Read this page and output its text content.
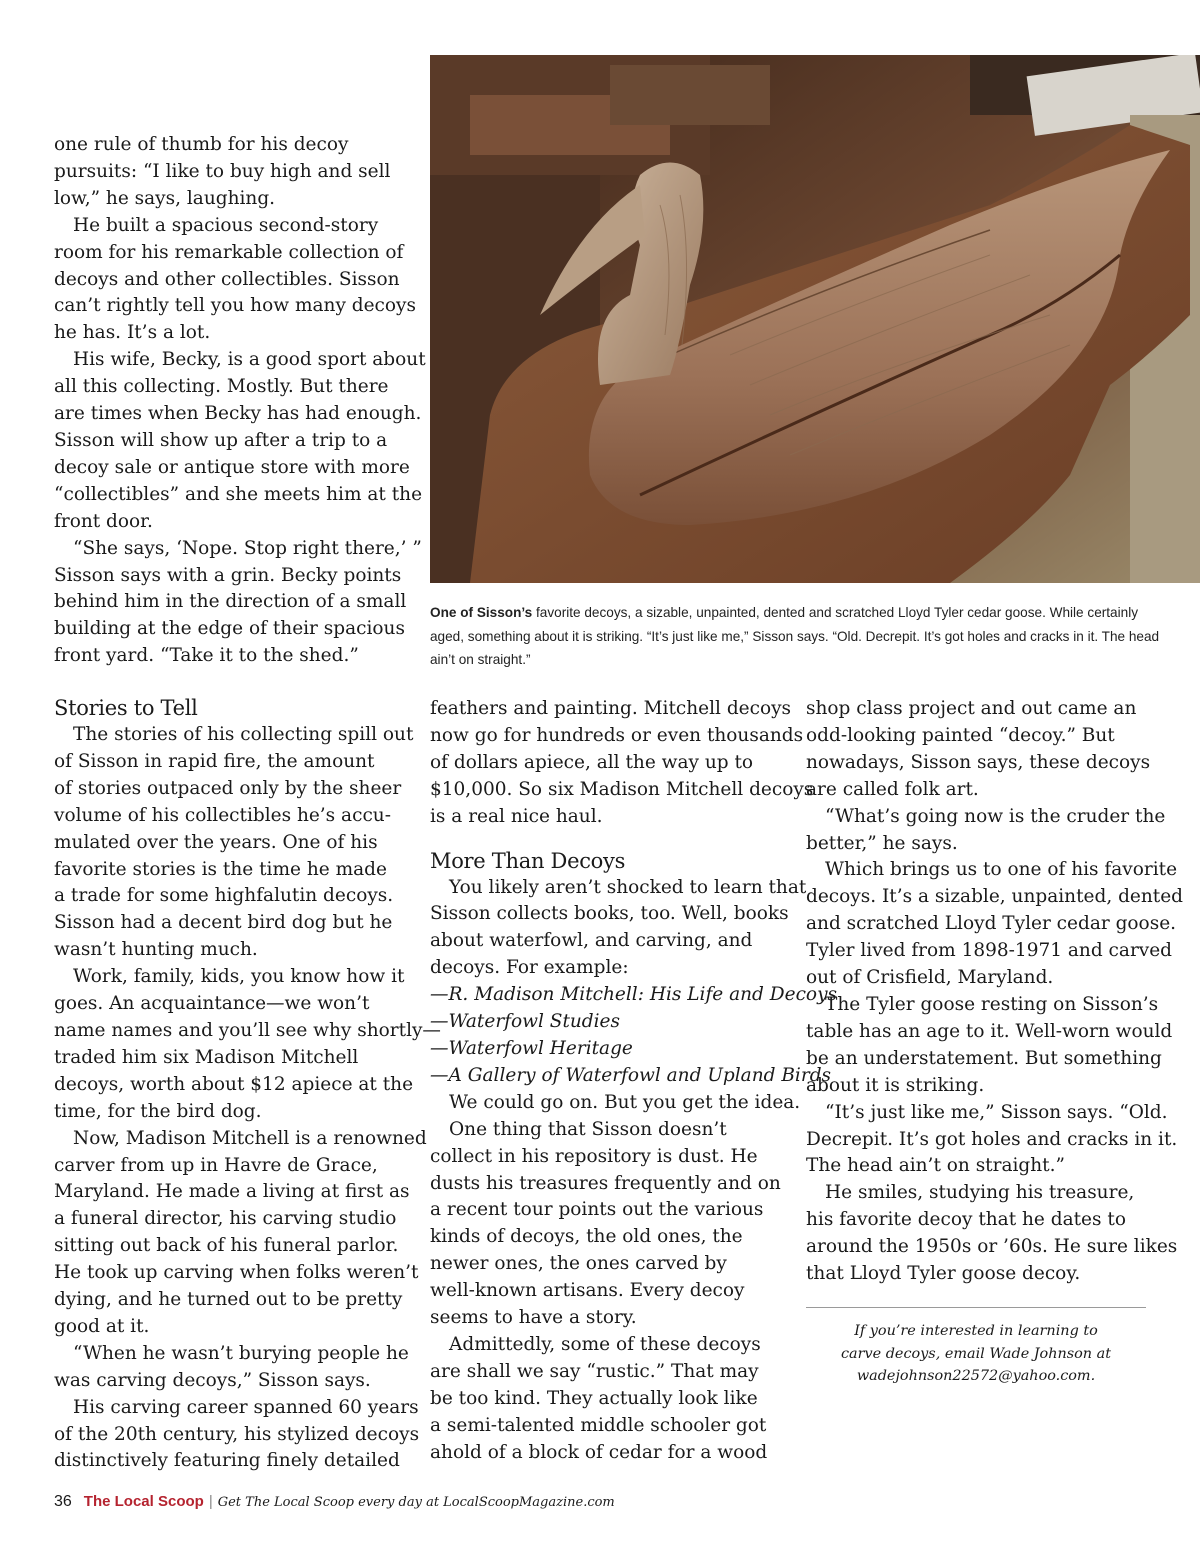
One of Sisson’s favorite decoys, a sizable, unpainted, dented and scratched Lloyd Tyler cedar goose. While certainly aged, something about it is striking. “It’s just like me,” Sisson says. “Old. Decrepit. It’s got holes and cracks in it. The head ain’t on straight.”

one rule of thumb for his decoy

pursuits: “I like to buy high and sell

low,” he says, laughing.

He built a spacious second-story

room for his remarkable collection of

decoys and other collectibles. Sisson

can’t rightly tell you how many decoys

he has. It’s a lot.

His wife, Becky, is a good sport about

all this collecting. Mostly. But there

are times when Becky has had enough.

Sisson will show up after a trip to a

decoy sale or antique store with more

“collectibles” and she meets him at the

front door.

“She says, ‘Nope. Stop right there,’ ”

Sisson says with a grin. Becky points

behind him in the direction of a small

building at the edge of their spacious

front yard. “Take it to the shed.”

Stories to Tell

The stories of his collecting spill out

of Sisson in rapid fire, the amount

of stories outpaced only by the sheer

volume of his collectibles he’s accu-

mulated over the years. One of his

favorite stories is the time he made

a trade for some highfalutin decoys.

Sisson had a decent bird dog but he

wasn’t hunting much.

Work, family, kids, you know how it

goes. An acquaintance—we won’t

name names and you’ll see why shortly—

traded him six Madison Mitchell

decoys, worth about $12 apiece at the

time, for the bird dog.

Now, Madison Mitchell is a renowned

carver from up in Havre de Grace,

Maryland. He made a living at first as

a funeral director, his carving studio

sitting out back of his funeral parlor.

He took up carving when folks weren’t

dying, and he turned out to be pretty

good at it.

“When he wasn’t burying people he

was carving decoys,” Sisson says.

His carving career spanned 60 years

of the 20th century, his stylized decoys

distinctively featuring finely detailed

feathers and painting. Mitchell decoys

now go for hundreds or even thousands

of dollars apiece, all the way up to

$10,000. So six Madison Mitchell decoys

is a real nice haul.

More Than Decoys

You likely aren’t shocked to learn that

Sisson collects books, too. Well, books

about waterfowl, and carving, and

decoys. For example:

—R. Madison Mitchell: His Life and Decoys

—Waterfowl Studies

—Waterfowl Heritage

—A Gallery of Waterfowl and Upland Birds

We could go on. But you get the idea.

One thing that Sisson doesn’t

collect in his repository is dust. He

dusts his treasures frequently and on

a recent tour points out the various

kinds of decoys, the old ones, the

newer ones, the ones carved by

well-known artisans. Every decoy

seems to have a story.

Admittedly, some of these decoys

are shall we say “rustic.” That may

be too kind. They actually look like

a semi-talented middle schooler got

ahold of a block of cedar for a wood

shop class project and out came an

odd-looking painted “decoy.” But

nowadays, Sisson says, these decoys

are called folk art.

“What’s going now is the cruder the

better,” he says.

Which brings us to one of his favorite

decoys. It’s a sizable, unpainted, dented

and scratched Lloyd Tyler cedar goose.

Tyler lived from 1898-1971 and carved

out of Crisfield, Maryland.

The Tyler goose resting on Sisson’s

table has an age to it. Well-worn would

be an understatement. But something

about it is striking.

“It’s just like me,” Sisson says. “Old.

Decrepit. It’s got holes and cracks in it.

The head ain’t on straight.”

He smiles, studying his treasure,

his favorite decoy that he dates to

around the 1950s or ’60s. He sure likes

that Lloyd Tyler goose decoy.

If you’re interested in learning to
carve decoys, email Wade Johnson at
wadejohnson22572@yahoo.com.
36 The Local Scoop | Get The Local Scoop every day at LocalScoopMagazine.com
